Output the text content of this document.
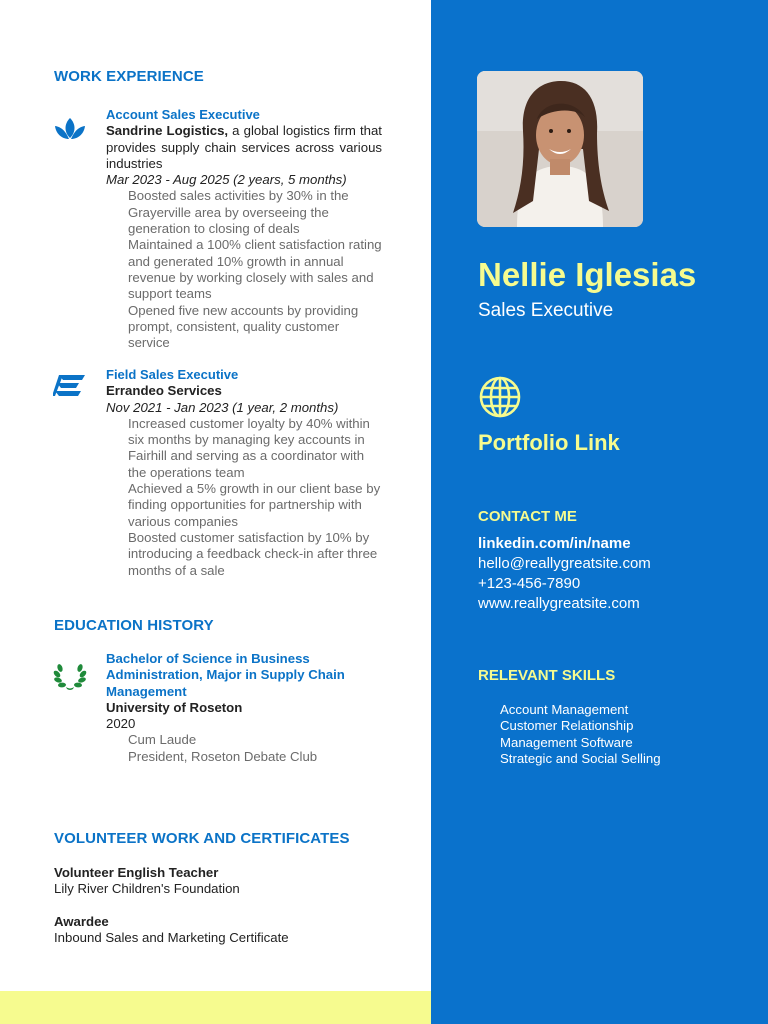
WORK EXPERIENCE
Account Sales Executive
Sandrine Logistics, a global logistics firm that provides supply chain services across various industries
Mar 2023 - Aug 2025 (2 years, 5 months)
Boosted sales activities by 30% in the Grayerville area by overseeing the generation to closing of deals
Maintained a 100% client satisfaction rating and generated 10% growth in annual revenue by working closely with sales and support teams
Opened five new accounts by providing prompt, consistent, quality customer service
Field Sales Executive
Errandeo Services
Nov 2021 - Jan 2023 (1 year, 2 months)
Increased customer loyalty by 40% within six months by managing key accounts in Fairhill and serving as a coordinator with the operations team
Achieved a 5% growth in our client base by finding opportunities for partnership with various companies
Boosted customer satisfaction by 10% by introducing a feedback check-in after three months of a sale
EDUCATION HISTORY
Bachelor of Science in Business Administration, Major in Supply Chain Management
University of Roseton
2020
Cum Laude
President, Roseton Debate Club
VOLUNTEER WORK AND CERTIFICATES
Volunteer English Teacher
Lily River Children's Foundation
Awardee
Inbound Sales and Marketing Certificate
Nellie Iglesias
Sales Executive
Portfolio Link
CONTACT ME
linkedin.com/in/name
hello@reallygreatsite.com
+123-456-7890
www.reallygreatsite.com
RELEVANT SKILLS
Account Management
Customer Relationship Management Software
Strategic and Social Selling
